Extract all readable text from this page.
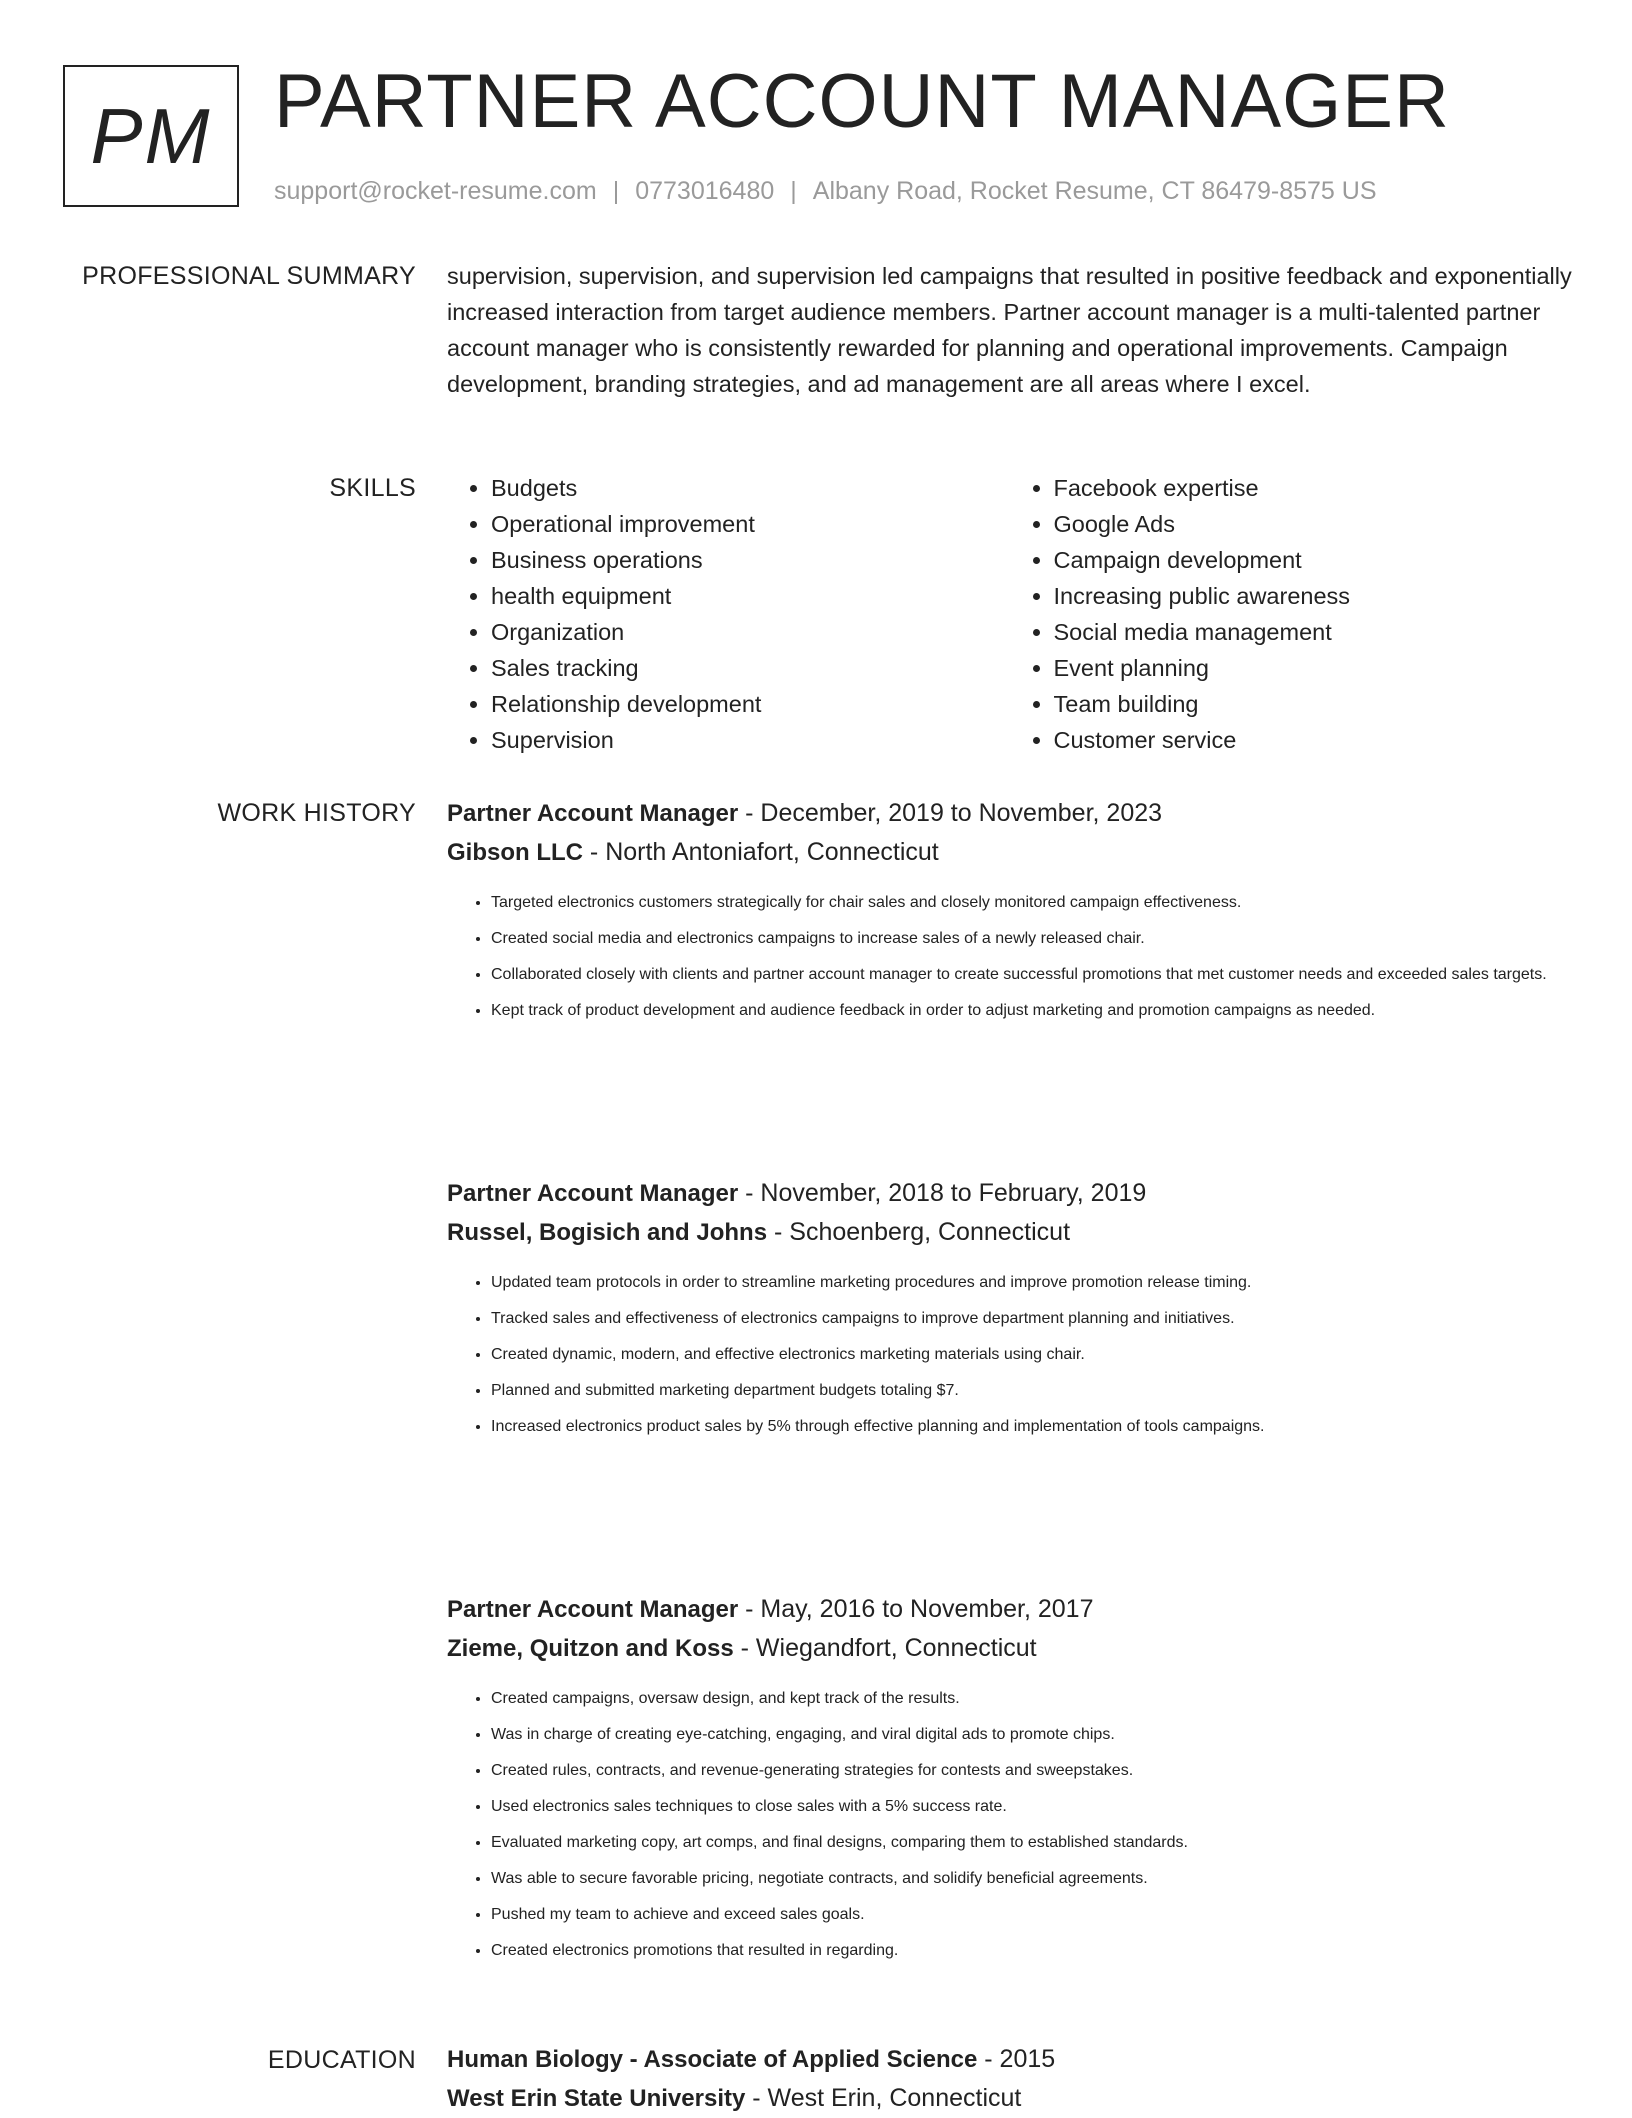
PM PARTNER ACCOUNT MANAGER
support@rocket-resume.com | 0773016480 | Albany Road, Rocket Resume, CT 86479-8575 US
PROFESSIONAL SUMMARY supervision, supervision, and supervision led campaigns that resulted in positive feedback and exponentially increased interaction from target audience members. Partner account manager is a multi-talented partner account manager who is consistently rewarded for planning and operational improvements. Campaign development, branding strategies, and ad management are all areas where I excel.

SKILLS
•	Budgets
• Operational improvement
• Business operations
• health equipment
• Organization
• Sales tracking
• Relationship development
• Supervision
• Facebook expertise
• Google Ads
• Campaign development
• Increasing public awareness
• Social media management
• Event planning
• Team building
• Customer service
WORK HISTORY Partner Account Manager - December, 2019 to November, 2023
Gibson LLC - North Antoniafort, Connecticut
• Targeted electronics customers strategically for chair sales and closely monitored campaign effectiveness.
• Created social media and electronics campaigns to increase sales of a newly released chair.
• Collaborated closely with clients and partner account manager to create successful promotions that met customer needs and exceeded sales targets.
• Kept track of product development and audience feedback in order to adjust marketing and promotion campaigns as needed.
Partner Account Manager - November, 2018 to February, 2019
Russel, Bogisich and Johns - Schoenberg, Connecticut
• Updated team protocols in order to streamline marketing procedures and improve promotion release timing.
• Tracked sales and effectiveness of electronics campaigns to improve department planning and initiatives.
• Created dynamic, modern, and effective electronics marketing materials using chair.
• Planned and submitted marketing department budgets totaling $7.
• Increased electronics product sales by 5% through effective planning and implementation of tools campaigns.
Partner Account Manager - May, 2016 to November, 2017
Zieme, Quitzon and Koss - Wiegandfort, Connecticut
• Created campaigns, oversaw design, and kept track of the results.
• Was in charge of creating eye-catching, engaging, and viral digital ads to promote chips.
• Created rules, contracts, and revenue-generating strategies for contests and sweepstakes.
• Used electronics sales techniques to close sales with a 5% success rate.
• Evaluated marketing copy, art comps, and final designs, comparing them to established standards.
• Was able to secure favorable pricing, negotiate contracts, and solidify beneficial agreements.
• Pushed my team to achieve and exceed sales goals.
• Created electronics promotions that resulted in regarding.
EDUCATION Human Biology - Associate of Applied Science - 2015
West Erin State University - West Erin, Connecticut
